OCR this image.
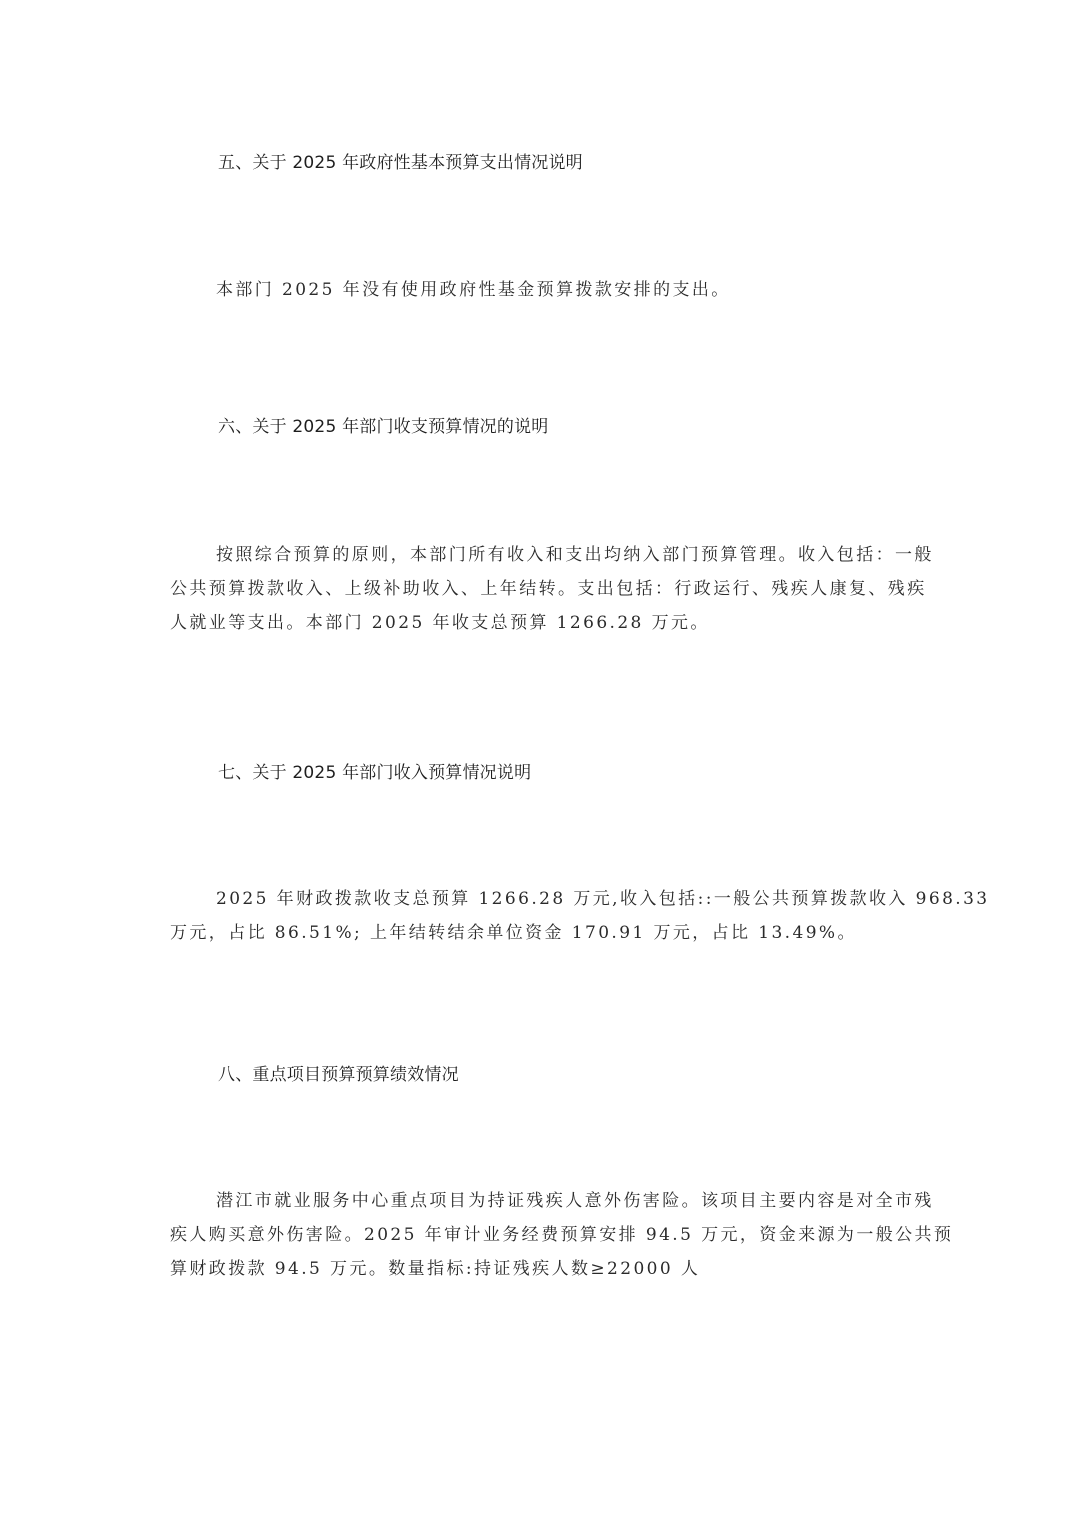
五、关于 2025 年政府性基本预算支出情况说明

本部门 2025 年没有使用政府性基金预算拨款安排的支出。

六、关于 2025 年部门收支预算情况的说明

按照综合预算的原则，本部门所有收入和支出均纳入部门预算管理。收入包括：一般
公共预算拨款收入、上级补助收入、上年结转。支出包括：行政运行、残疾人康复、残疾
人就业等支出。本部门 2025 年收支总预算 1266.28 万元。

七、关于 2025 年部门收入预算情况说明

2025 年财政拨款收支总预算 1266.28 万元,收入包括::一般公共预算拨款收入 968.33
万元，占比 86.51%; 上年结转结余单位资金 170.91 万元，占比 13.49%。

八、重点项目预算预算绩效情况

潜江市就业服务中心重点项目为持证残疾人意外伤害险。该项目主要内容是对全市残
疾人购买意外伤害险。2025 年审计业务经费预算安排 94.5 万元，资金来源为一般公共预
算财政拨款 94.5 万元。数量指标:持证残疾人数≥22000 人
